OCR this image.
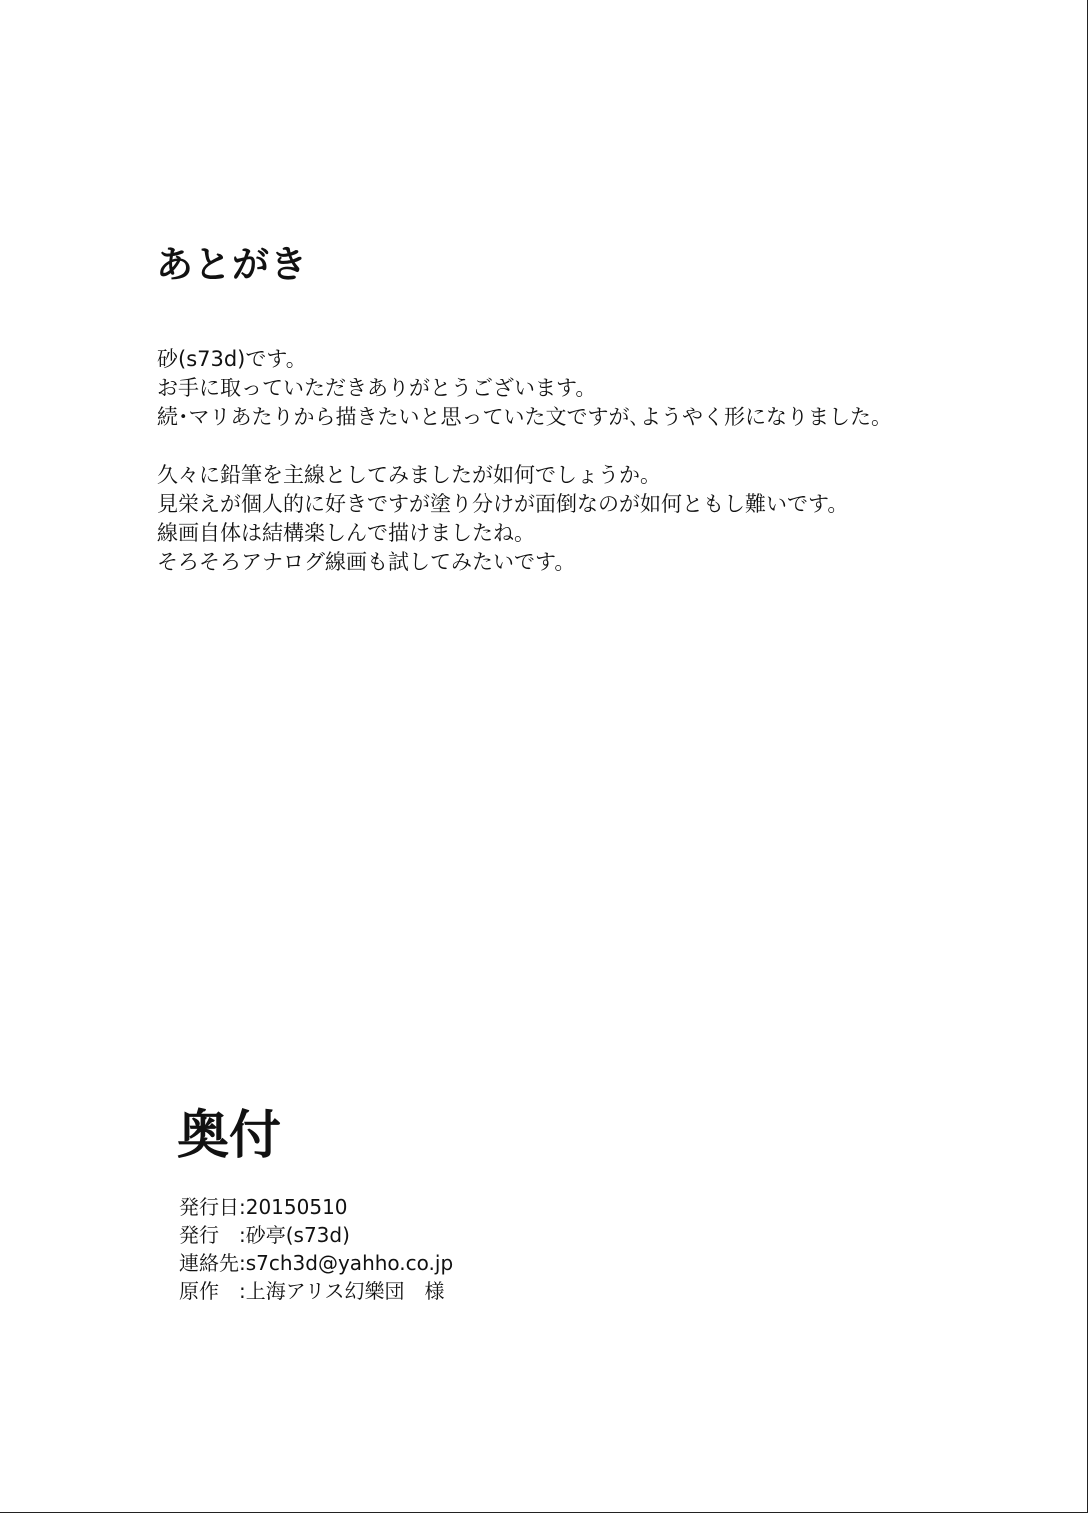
あとがき
砂(s73d)です。
お手に取っていただきありがとうございます。
続･マリあたりから描きたいと思っていた文ですが､ようやく形になりました。
久々に鉛筆を主線としてみましたが如何でしょうか。
見栄えが個人的に好きですが塗り分けが面倒なのが如何ともし難いです。
線画自体は結構楽しんで描けましたね。
そろそろアナログ線画も試してみたいです。
奥付
発行日:20150510
発行　:砂亭(s73d)
連絡先:s7ch3d@yahho.co.jp
原作　:上海アリス幻樂団　様
